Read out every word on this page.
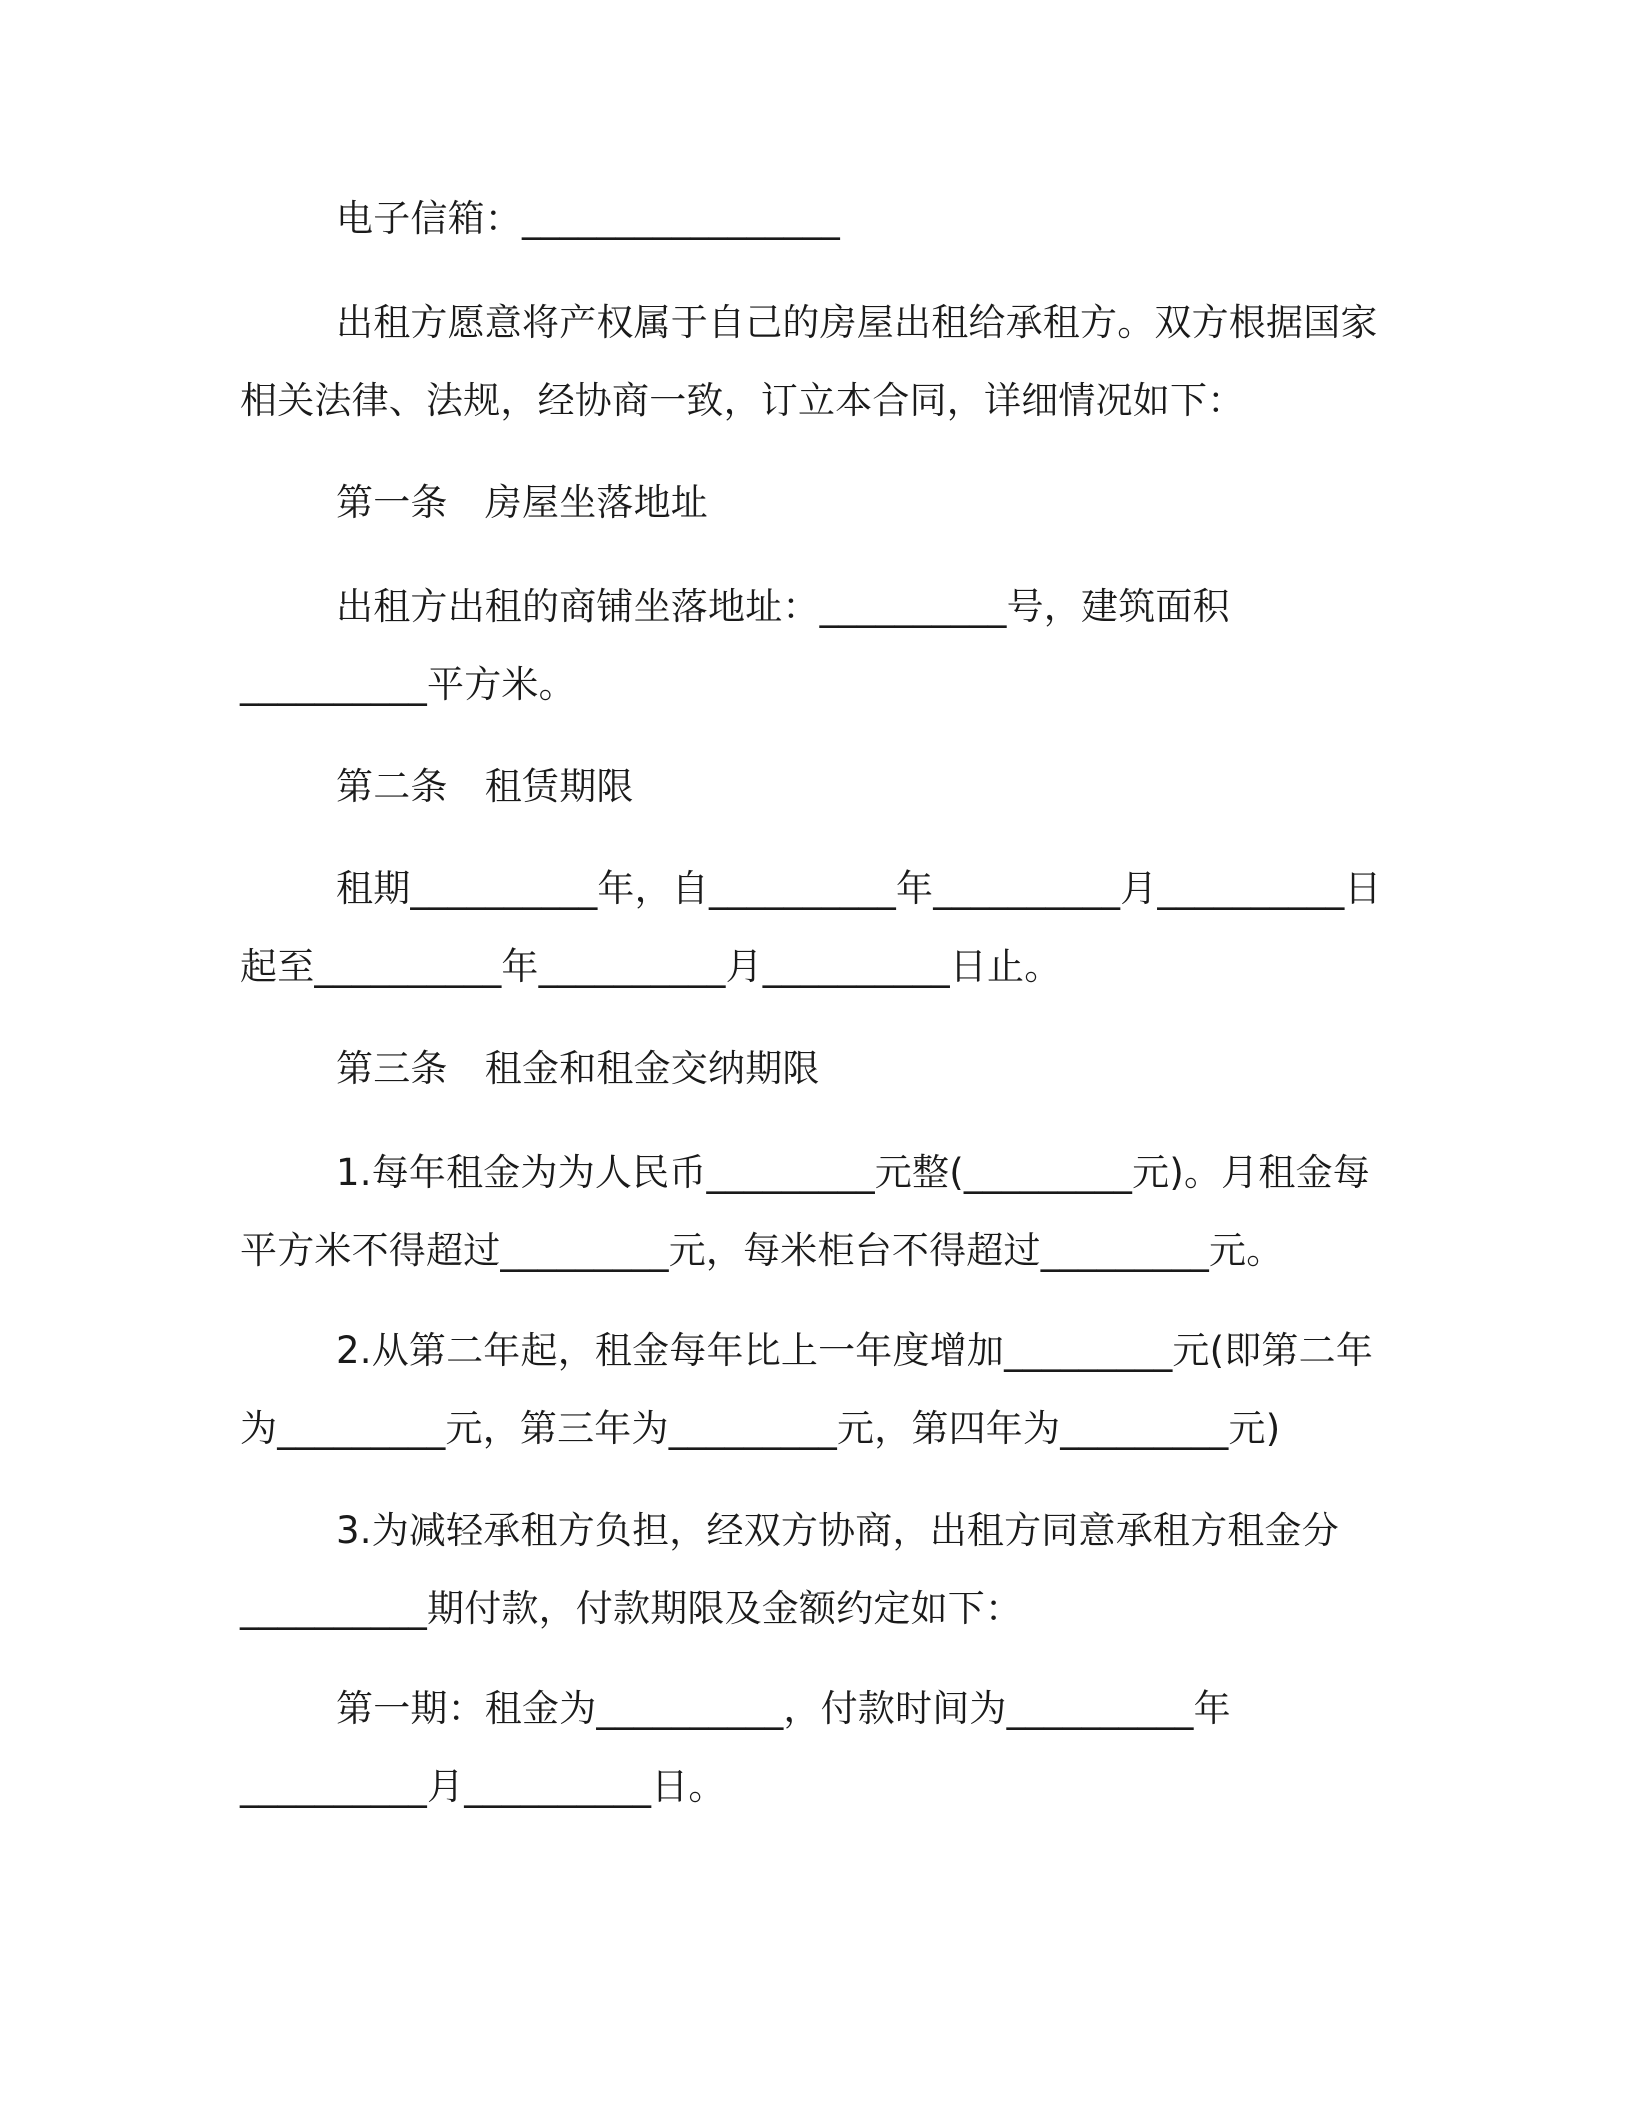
电子信箱：_________________
出租方愿意将产权属于自己的房屋出租给承租方。双方根据国家
相关法律、法规，经协商一致，订立本合同，详细情况如下：
第一条　房屋坐落地址
出租方出租的商铺坐落地址：__________号，建筑面积
__________平方米。
第二条　租赁期限
租期__________年，自__________年__________月__________日
起至__________年__________月__________日止。
第三条　租金和租金交纳期限
1.每年租金为为人民币_________元整(_________元)。月租金每
平方米不得超过_________元，每米柜台不得超过_________元。
2.从第二年起，租金每年比上一年度增加_________元(即第二年
为_________元，第三年为_________元，第四年为_________元)
3.为减轻承租方负担，经双方协商，出租方同意承租方租金分
__________期付款，付款期限及金额约定如下：
第一期：租金为__________，付款时间为__________年
__________月__________日。
